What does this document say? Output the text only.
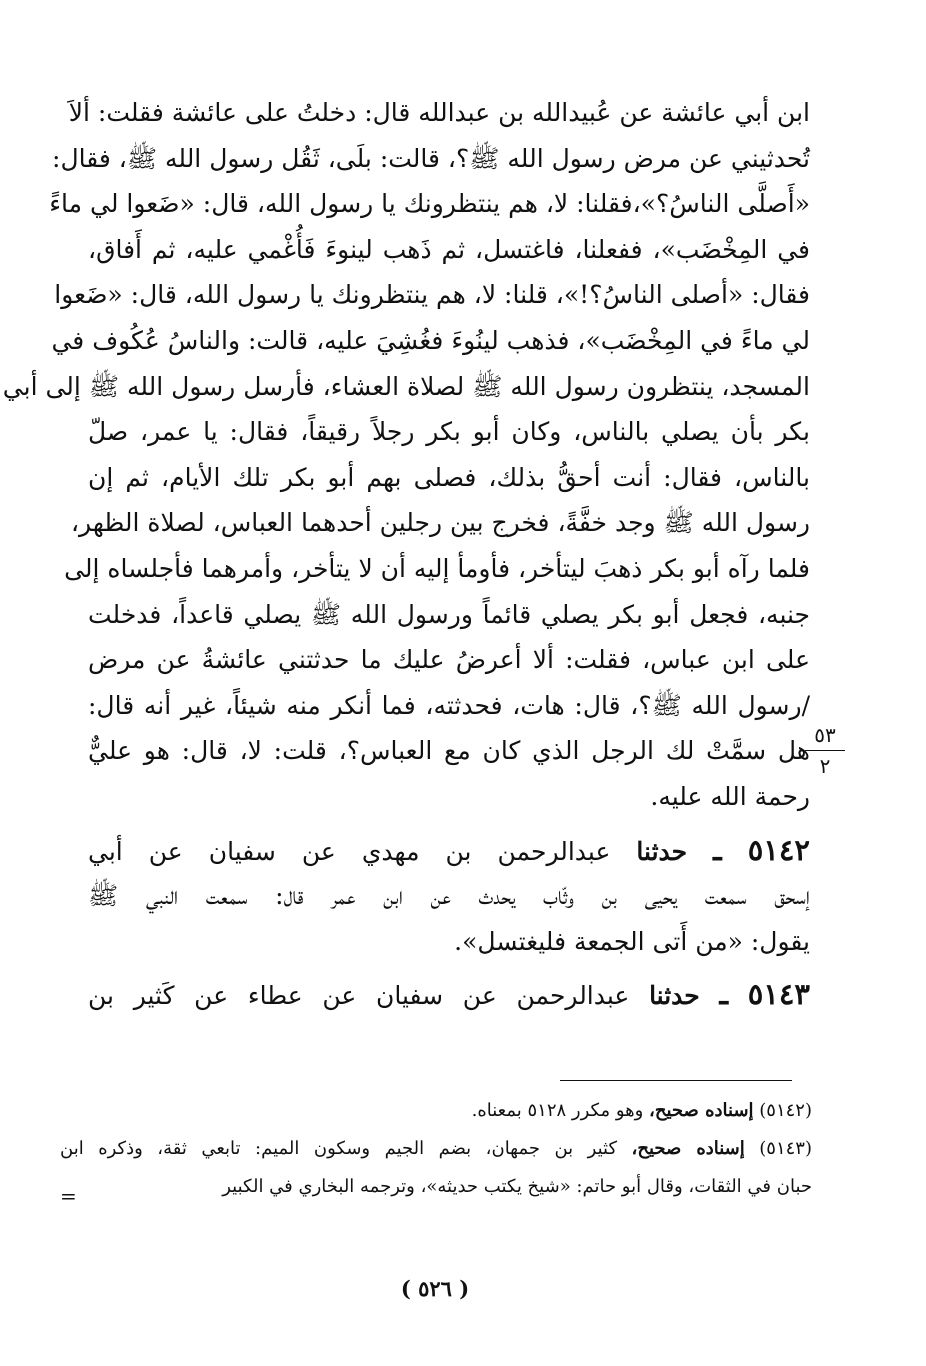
ابن أبي عائشة عن عُبيدالله بن عبدالله قال: دخلتُ على عائشة فقلت: ألاَ
تُحدثيني عن مرض رسول الله ﷺ؟، قالت: بلَى، ثَقُل رسول الله ﷺ، فقال:
«أَصلَّى الناسُ؟»،فقلنا: لا، هم ينتظرونك يا رسول الله، قال: «ضَعوا لي ماءً
في المِخْضَب»، ففعلنا، فاغتسل، ثم ذَهب لينوءَ فَأُغْمي عليه، ثم أَفاق،
فقال: «أصلى الناسُ؟!»، قلنا: لا، هم ينتظرونك يا رسول الله، قال: «ضَعوا
لي ماءً في المِخْضَب»، فذهب لينُوءَ فغُشِيَ عليه، قالت: والناسُ عُكُوف في
المسجد، ينتظرون رسول الله ﷺ لصلاة العشاء، فأرسل رسول الله ﷺ إلى أبي
بكر بأن يصلي بالناس، وكان أبو بكر رجلاً رقيقاً، فقال: يا عمر، صلّ
بالناس، فقال: أنت أحقُّ بذلك، فصلى بهم أبو بكر تلك الأيام، ثم إن
رسول الله ﷺ وجد خفَّةً، فخرج بين رجلين أحدهما العباس، لصلاة الظهر،
فلما رآه أبو بكر ذهبَ ليتأخر، فأومأ إليه أن لا يتأخر، وأمرهما فأجلساه إلى
جنبه، فجعل أبو بكر يصلي قائماً ورسول الله ﷺ يصلي قاعداً، فدخلت
على ابن عباس، فقلت: ألا أعرضُ عليك ما حدثتني عائشةُ عن مرض
/رسول الله ﷺ؟، قال: هات، فحدثته، فما أنكر منه شيئاً، غير أنه قال:
هل سمَّتْ لك الرجل الذي كان مع العباس؟، قلت: لا، قال: هو عليٌّ
رحمة الله عليه.
٥١٤٢ ـ حدثنا عبدالرحمن بن مهدي عن سفيان عن أبي
إسحق سمعت يحيى بن وثّاب يحدث عن ابن عمر قال: سمعت النبي ﷺ
يقول: «من أَتى الجمعة فليغتسل».
٥١٤٣ ـ حدثنا عبدالرحمن عن سفيان عن عطاء عن كَثير بن
٥٣
٢
(٥١٤٢) إسناده صحيح، وهو مكرر ٥١٢٨ بمعناه.
(٥١٤٣) إسناده صحيح، كثير بن جمهان، بضم الجيم وسكون الميم: تابعي ثقة، وذكره ابن
حبان في الثقات، وقال أبو حاتم: «شيخ يكتب حديثه»، وترجمه البخاري في الكبير
=
( ٥٢٦ )
